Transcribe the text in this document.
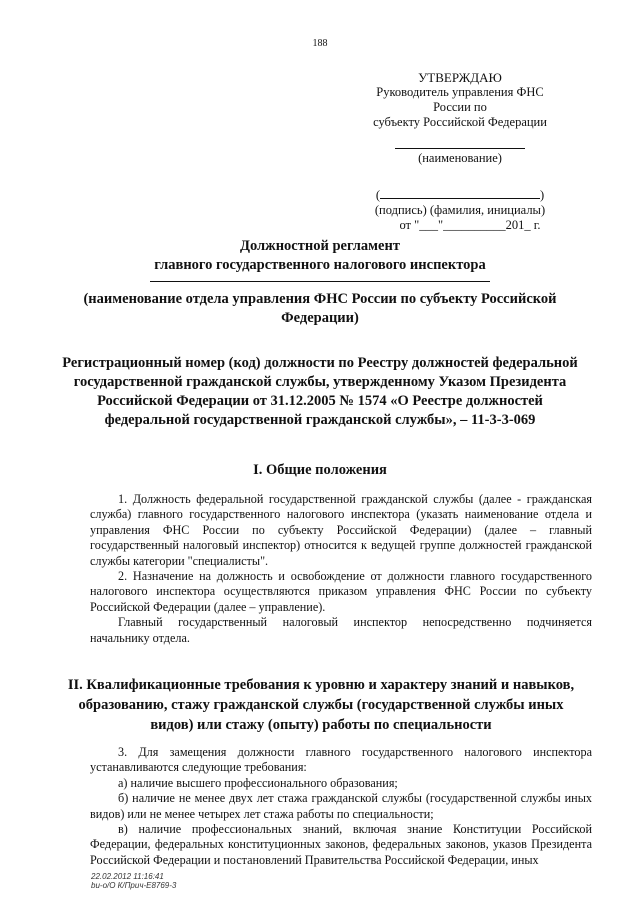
188
УТВЕРЖДАЮ
Руководитель управления ФНС России по
субъекту Российской Федерации
(наименование)
(	)
(подпись) (фамилия, инициалы)
от "___"__________201_ г.
Должностной регламент
главного государственного налогового инспектора
(наименование отдела управления ФНС России по субъекту Российской Федерации)
Регистрационный номер (код) должности по Реестру должностей федеральной государственной гражданской службы, утвержденному Указом Президента Российской Федерации от 31.12.2005 № 1574 «О Реестре должностей федеральной государственной гражданской службы», – 11-3-3-069
I. Общие положения
1. Должность федеральной государственной гражданской службы (далее - гражданская служба) главного государственного налогового инспектора (указать наименование отдела и управления ФНС России по субъекту Российской Федерации) (далее – главный государственный налоговый инспектор) относится к ведущей группе должностей гражданской службы категории "специалисты".
2. Назначение на должность и освобождение от должности главного государственного налогового инспектора осуществляются приказом управления ФНС России по субъекту Российской Федерации (далее – управление).
Главный государственный налоговый инспектор непосредственно подчиняется начальнику отдела.
II. Квалификационные требования к уровню и характеру знаний и навыков, образованию, стажу гражданской службы (государственной службы иных видов) или стажу (опыту) работы по специальности
3. Для замещения должности главного государственного налогового инспектора устанавливаются следующие требования:
а) наличие высшего профессионального образования;
б) наличие не менее двух лет стажа гражданской службы (государственной службы иных видов) или не менее четырех лет стажа работы по специальности;
в) наличие профессиональных знаний, включая знание Конституции Российской Федерации, федеральных конституционных законов, федеральных законов, указов Президента Российской Федерации и постановлений Правительства Российской Федерации, иных
22.02.2012 11:16:41
bu-o/O К/Прич-Е8769-3
